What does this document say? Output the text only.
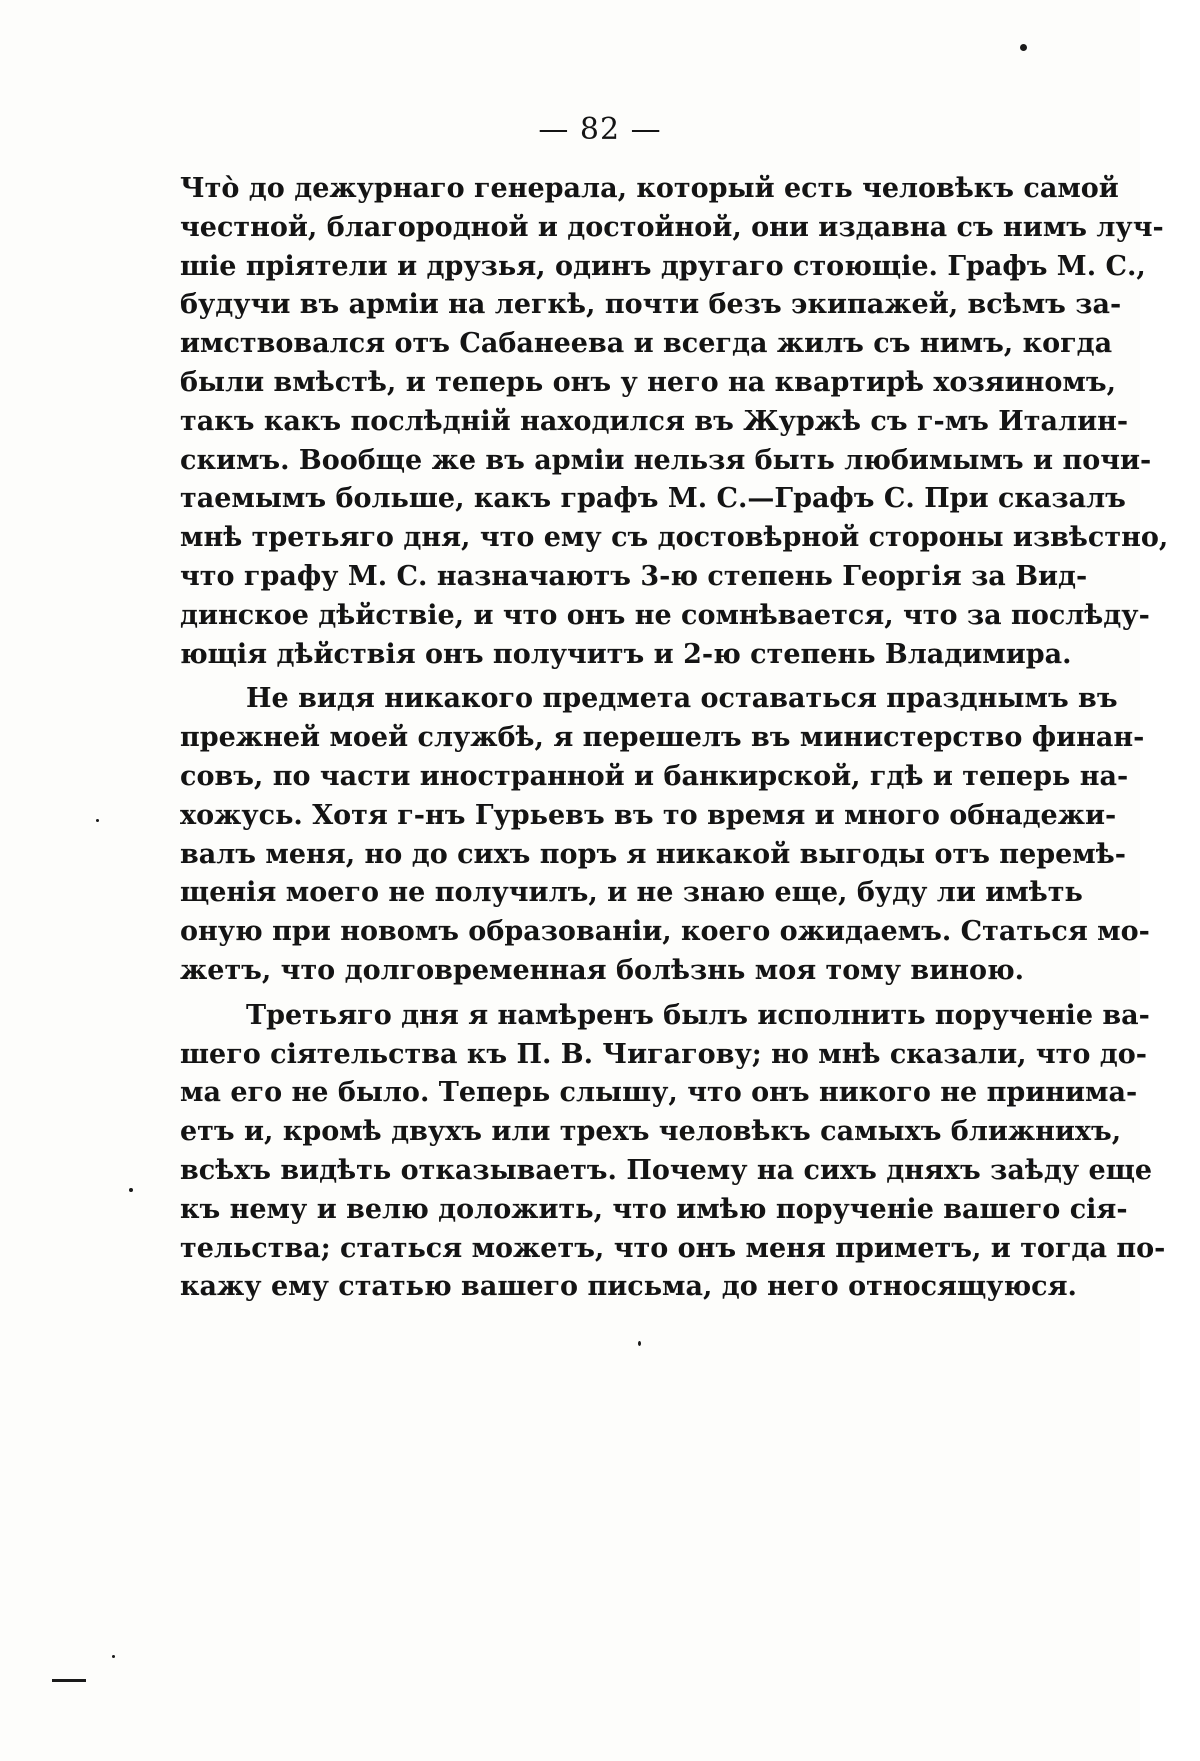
— 82 —
Чтò до дежурнаго генерала, который есть человѣкъ самой
честной, благородной и достойной, они издавна съ нимъ луч-
шіе пріятели и друзья, одинъ другаго стоющіе. Графъ М. С.,
будучи въ арміи на легкѣ, почти безъ экипажей, всѣмъ за-
имствовался отъ Сабанеева и всегда жилъ съ нимъ, когда
были вмѣстѣ, и теперь онъ у него на квартирѣ хозяиномъ,
такъ какъ послѣдній находился въ Журжѣ съ г-мъ Италин-
скимъ. Вообще же въ арміи нельзя быть любимымъ и почи-
таемымъ больше, какъ графъ М. С.—Графъ С. При сказалъ
мнѣ третьяго дня, что ему съ достовѣрной стороны извѣстно,
что графу М. С. назначаютъ 3-ю степень Георгія за Вид-
динское дѣйствіе, и что онъ не сомнѣвается, что за послѣду-
ющія дѣйствія онъ получитъ и 2-ю степень Владимира.
Не видя никакого предмета оставаться празднымъ въ
прежней моей службѣ, я перешелъ въ министерство финан-
совъ, по части иностранной и банкирской, гдѣ и теперь на-
хожусь. Хотя г-нъ Гурьевъ въ то время и много обнадежи-
валъ меня, но до сихъ поръ я никакой выгоды отъ перемѣ-
щенія моего не получилъ, и не знаю еще, буду ли имѣть
оную при новомъ образованіи, коего ожидаемъ. Статься мо-
жетъ, что долговременная болѣзнь моя тому виною.
Третьяго дня я намѣренъ былъ исполнить порученіе ва-
шего сіятельства къ П. В. Чигагову; но мнѣ сказали, что до-
ма его не было. Теперь слышу, что онъ никого не принима-
етъ и, кромѣ двухъ или трехъ человѣкъ самыхъ ближнихъ,
всѣхъ видѣть отказываетъ. Почему на сихъ дняхъ заѣду еще
къ нему и велю доложить, что имѣю порученіе вашего сія-
тельства; статься можетъ, что онъ меня приметъ, и тогда по-
кажу ему статью вашего письма, до него относящуюся.
